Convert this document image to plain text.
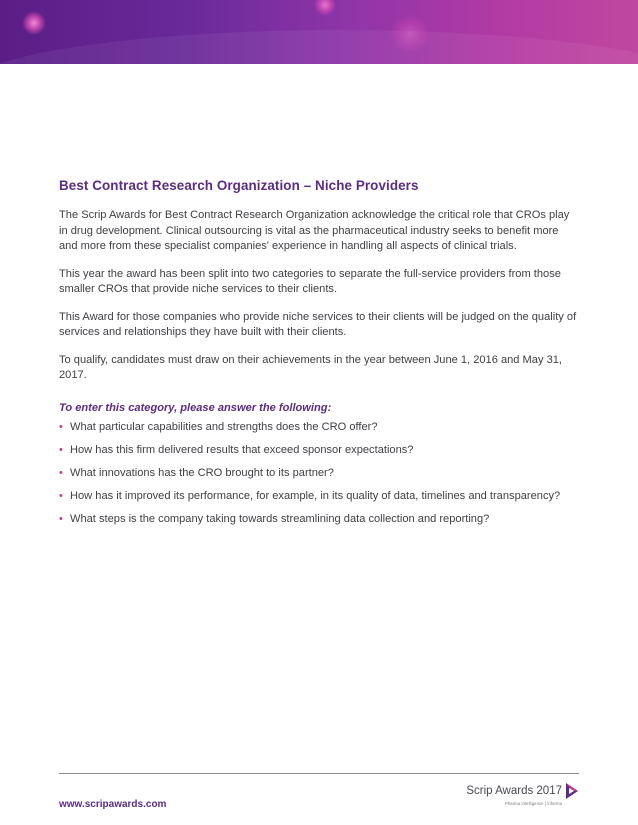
Best Contract Research Organization – Niche Providers

The Scrip Awards for Best Contract Research Organization acknowledge the critical role that CROs play in drug development. Clinical outsourcing is vital as the pharmaceutical industry seeks to benefit more and more from these specialist companies' experience in handling all aspects of clinical trials.

This year the award has been split into two categories to separate the full-service providers from those smaller CROs that provide niche services to their clients.

This Award for those companies who provide niche services to their clients will be judged on the quality of services and relationships they have built with their clients.

To qualify, candidates must draw on their achievements in the year between June 1, 2016 and May 31, 2017.

To enter this category, please answer the following:
• What particular capabilities and strengths does the CRO offer?
• How has this firm delivered results that exceed sponsor expectations?
• What innovations has the CRO brought to its partner?
• How has it improved its performance, for example, in its quality of data, timelines and transparency?
• What steps is the company taking towards streamlining data collection and reporting?
www.scripawards.com
Scrip Awards 2017
Pharma intelligence | informa
